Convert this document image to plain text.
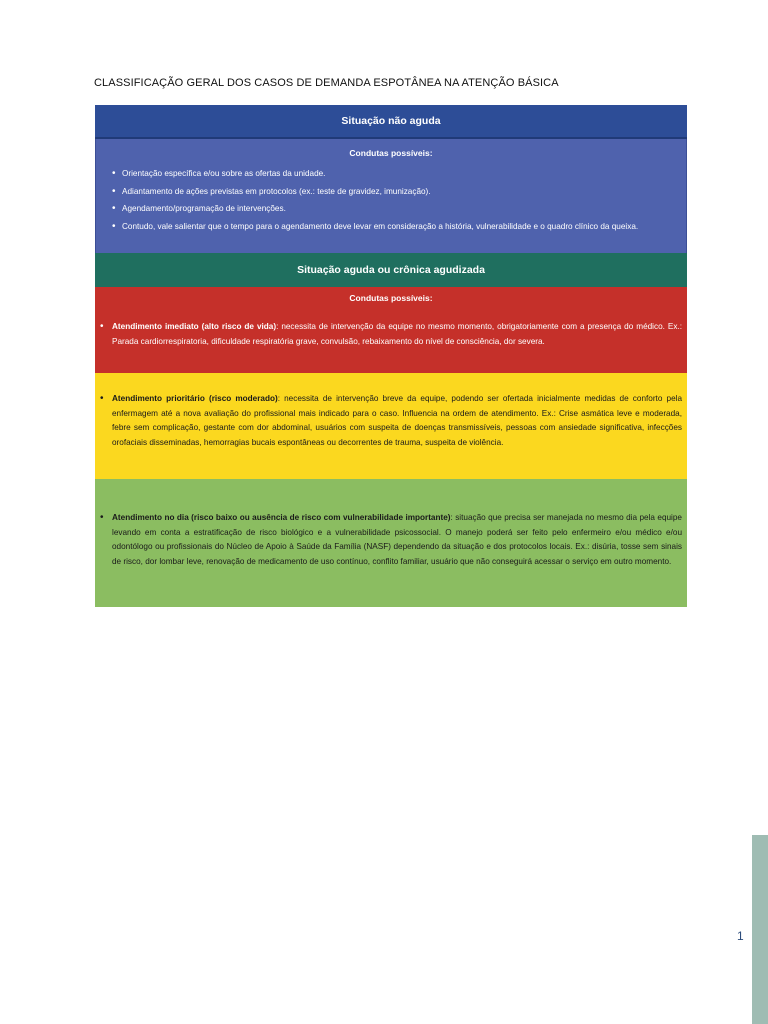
CLASSIFICAÇÃO GERAL DOS CASOS DE DEMANDA ESPOTÂNEA NA ATENÇÃO BÁSICA
Situação não aguda
Condutas possíveis:
• Orientação específica e/ou sobre as ofertas da unidade.
• Adiantamento de ações previstas em protocolos (ex.: teste de gravidez, imunização).
• Agendamento/programação de intervenções.
• Contudo, vale salientar que o tempo para o agendamento deve levar em consideração a história, vulnerabilidade e o quadro clínico da queixa.
Situação aguda ou crônica agudizada
Condutas possíveis:
• Atendimento imediato (alto risco de vida): necessita de intervenção da equipe no mesmo momento, obrigatoriamente com a presença do médico. Ex.: Parada cardiorrespiratoria, dificuldade respiratória grave, convulsão, rebaixamento do nível de consciência, dor severa.
• Atendimento prioritário (risco moderado): necessita de intervenção breve da equipe, podendo ser ofertada inicialmente medidas de conforto pela enfermagem até a nova avaliação do profissional mais indicado para o caso. Influencia na ordem de atendimento. Ex.: Crise asmática leve e moderada, febre sem complicação, gestante com dor abdominal, usuários com suspeita de doenças transmissíveis, pessoas com ansiedade significativa, infecções orofaciais disseminadas, hemorragias bucais espontâneas ou decorrentes de trauma, suspeita de violência.
• Atendimento no dia (risco baixo ou ausência de risco com vulnerabilidade importante): situação que precisa ser manejada no mesmo dia pela equipe levando em conta a estratificação de risco biológico e a vulnerabilidade psicossocial. O manejo poderá ser feito pelo enfermeiro e/ou médico e/ou odontólogo ou profissionais do Núcleo de Apoio à Saúde da Família (NASF) dependendo da situação e dos protocolos locais. Ex.: disúria, tosse sem sinais de risco, dor lombar leve, renovação de medicamento de uso contínuo, conflito familiar, usuário que não conseguirá acessar o serviço em outro momento.
1
